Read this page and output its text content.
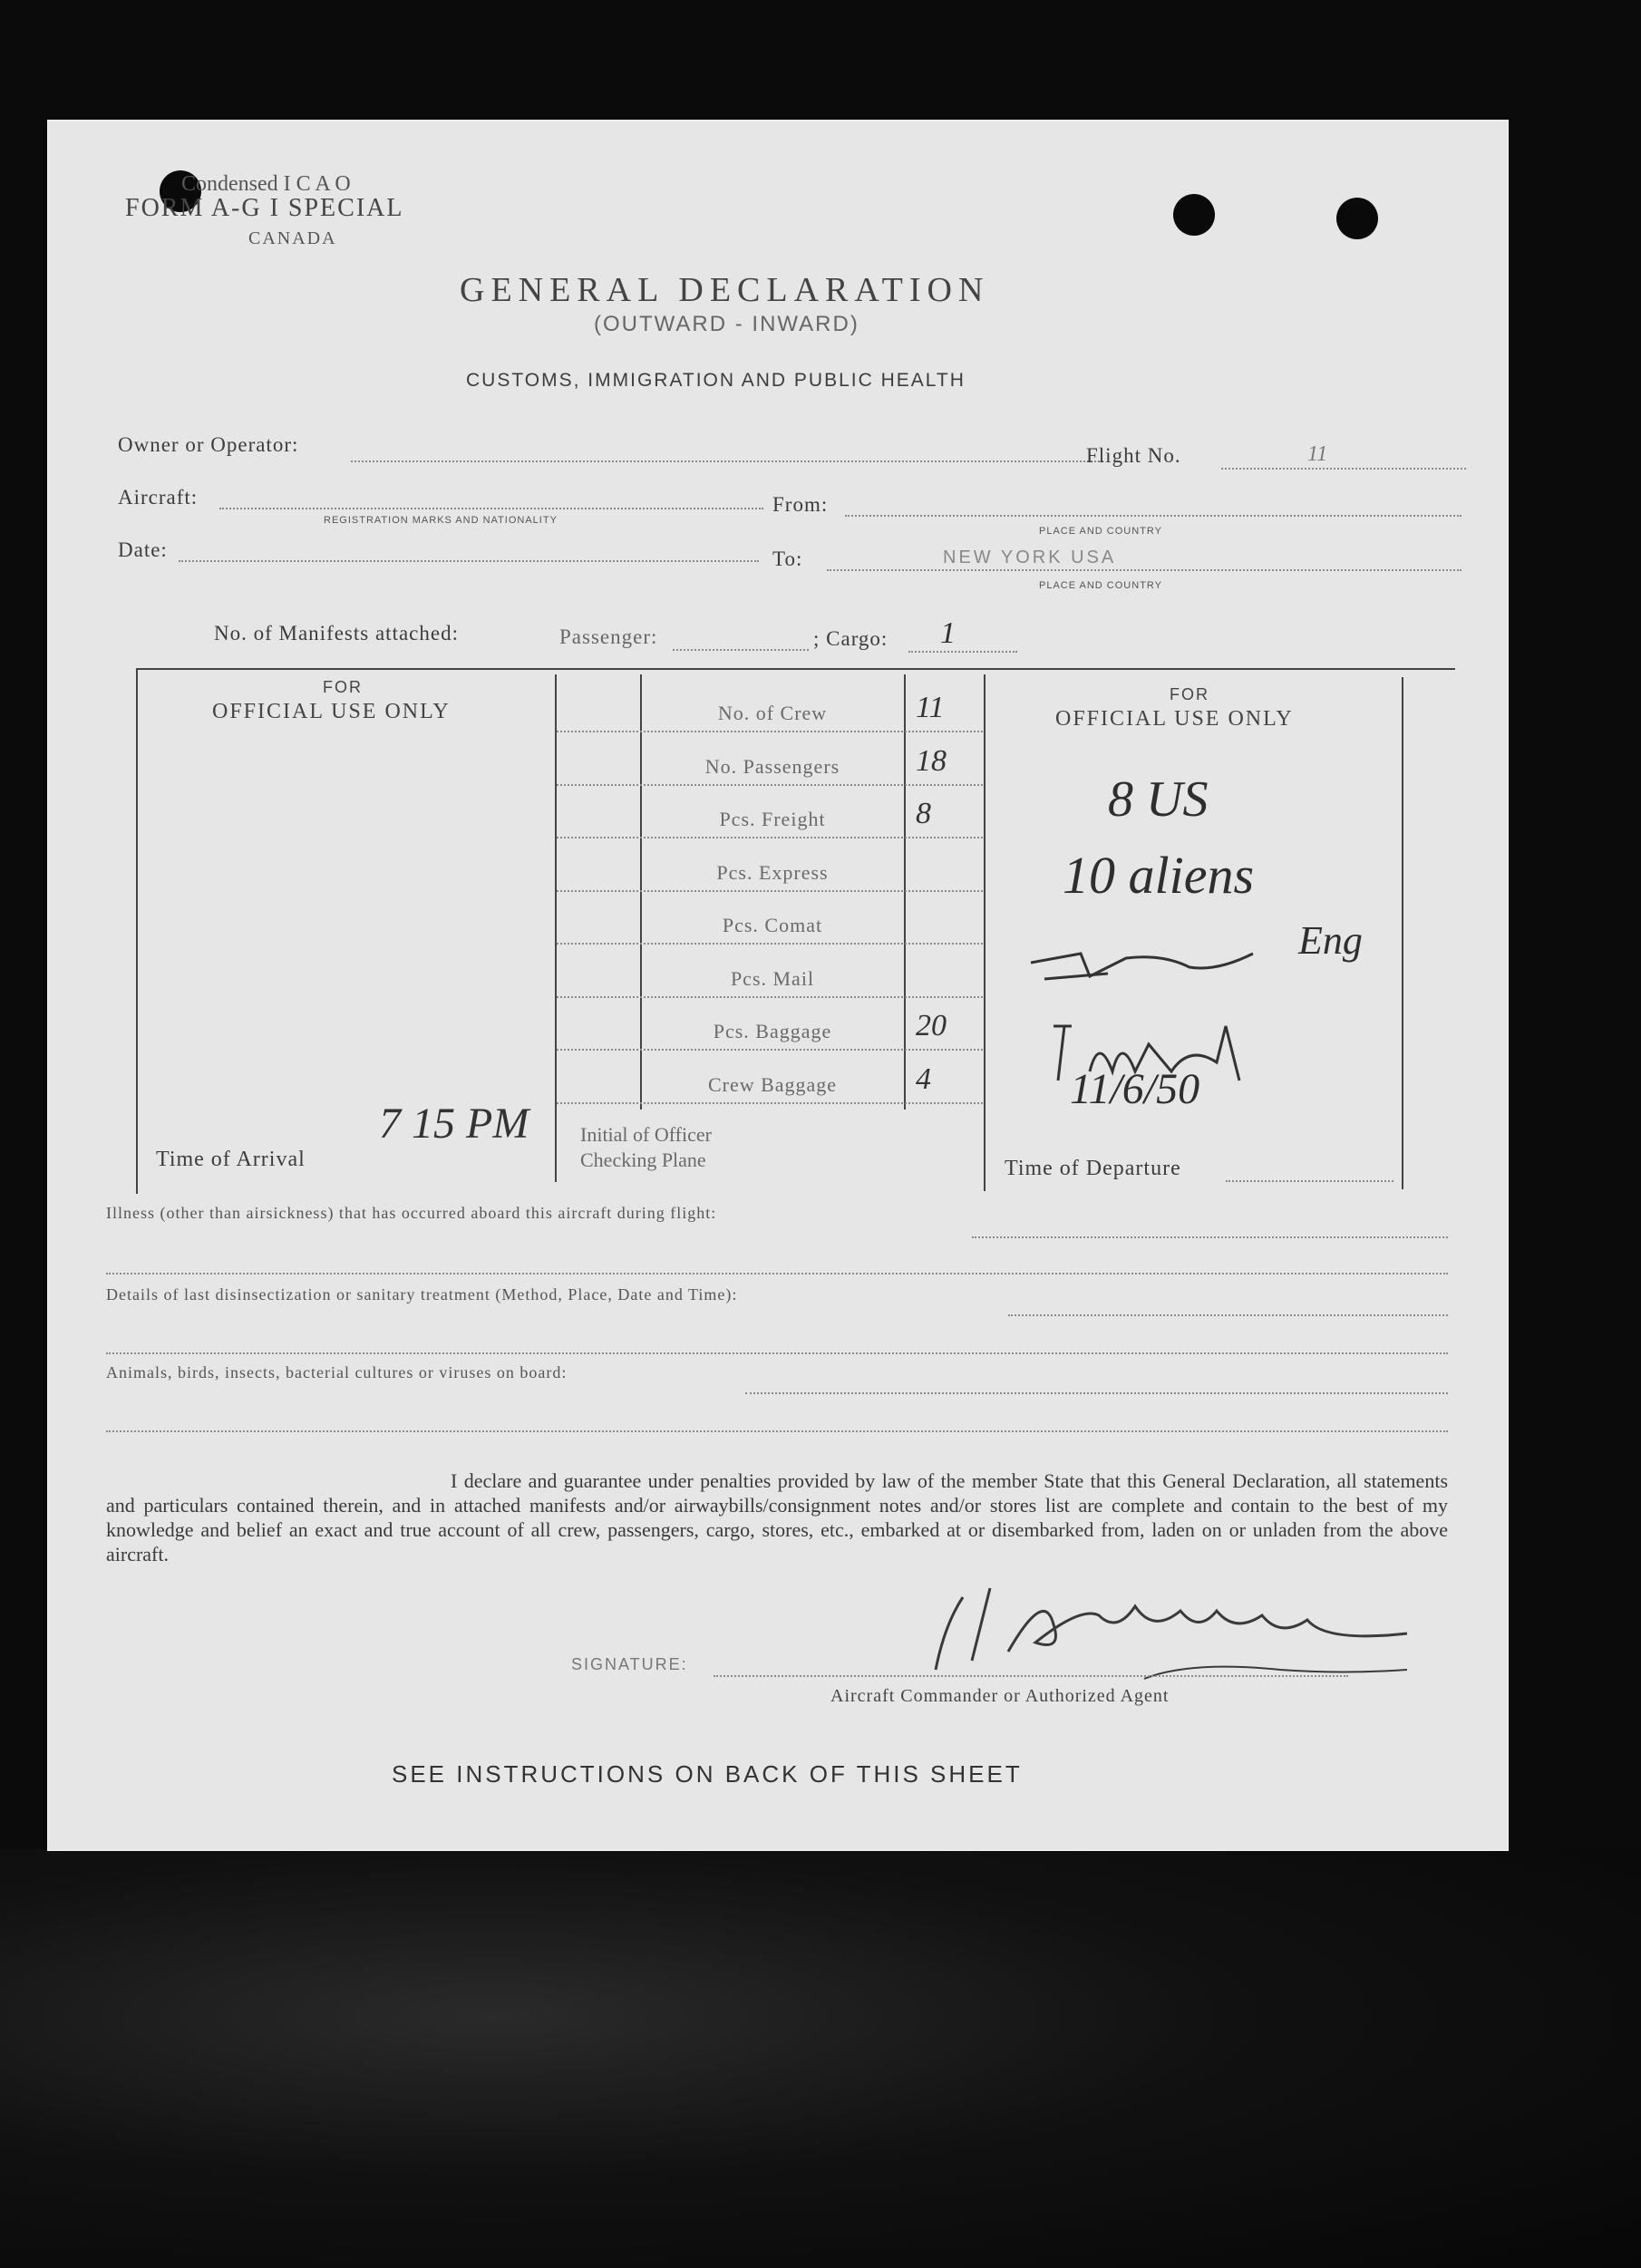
Condensed I C A O
FORM A-G I SPECIAL
CANADA
GENERAL DECLARATION
(OUTWARD - INWARD)
CUSTOMS, IMMIGRATION AND PUBLIC HEALTH
Owner or Operator:	Flight No.	11
Aircraft:
REGISTRATION MARKS AND NATIONALITY
From:
PLACE AND COUNTRY
Date:	To:	NEW YORK USA
PLACE AND COUNTRY
No. of Manifests attached:	Passenger:	; Cargo: 1
FOR
OFFICIAL USE ONLY
Time of Arrival
7 15 PM	Initial of Officer Checking Plane
No. of Crew	11
No. Passengers	18
Pcs. Freight	8
Pcs. Express
Pcs. Comat
Pcs. Mail
Pcs. Baggage	20
Crew Baggage	4
FOR
OFFICIAL USE ONLY
8 US
10 aliens
Eng
11/6/50
Time of Departure
Illness (other than airsickness) that has occurred aboard this aircraft during flight:
Details of last disinsectization or sanitary treatment (Method, Place, Date and Time):
Animals, birds, insects, bacterial cultures or viruses on board:
I declare and guarantee under penalties provided by law of the member State that this General Declaration, all statements and particulars contained therein, and in attached manifests and/or airwaybills/consignment notes and/or stores list are complete and contain to the best of my knowledge and belief an exact and true account of all crew, passengers, cargo, stores, etc., embarked at or disembarked from, laden on or unladen from the above aircraft.
SIGNATURE:
Aircraft Commander or Authorized Agent
SEE INSTRUCTIONS ON BACK OF THIS SHEET
